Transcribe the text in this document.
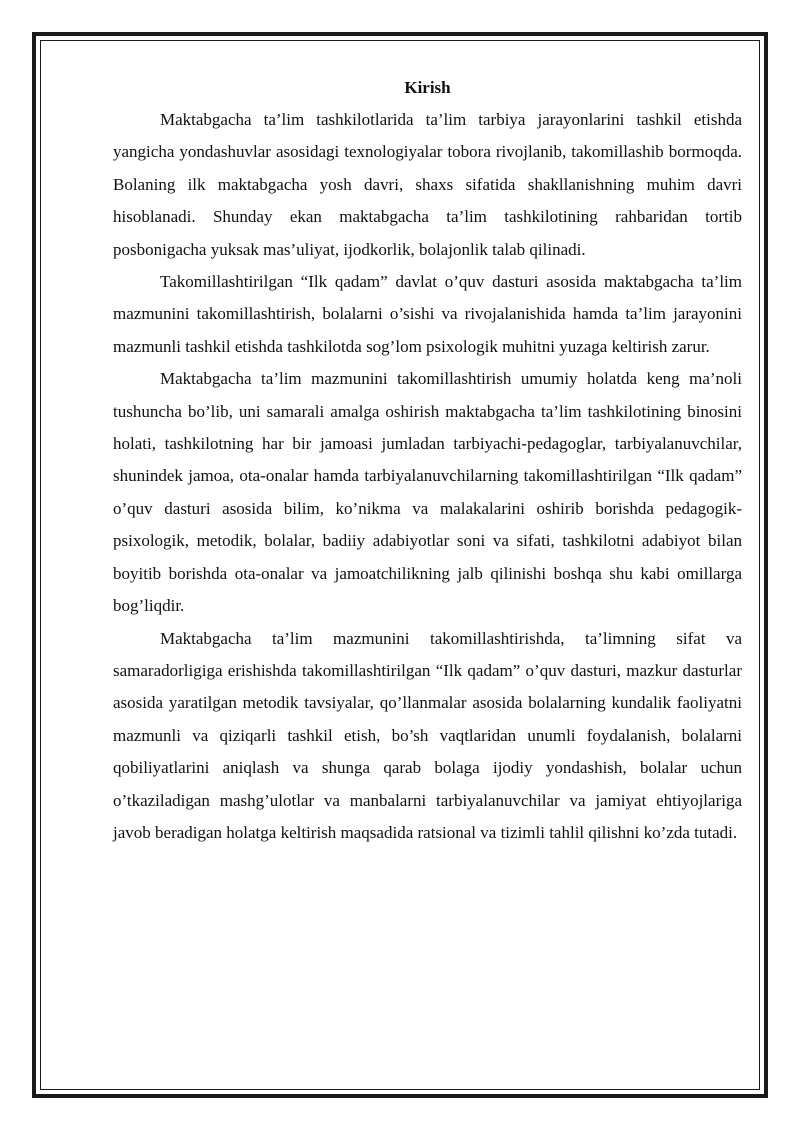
Kirish

Maktabgacha ta’lim tashkilotlarida ta’lim tarbiya jarayonlarini tashkil etishda yangicha yondashuvlar asosidagi texnologiyalar tobora rivojlanib, takomillashib bormoqda. Bolaning ilk maktabgacha yosh davri, shaxs sifatida shakllanishning muhim davri hisoblanadi. Shunday ekan maktabgacha ta’lim tashkilotining rahbaridan tortib posbonigacha yuksak mas’uliyat, ijodkorlik, bolajonlik talab qilinadi.

Takomillashtirilgan “Ilk qadam” davlat o’quv dasturi asosida maktabgacha ta’lim mazmunini takomillashtirish, bolalarni o’sishi va rivojalanishida hamda ta’lim jarayonini mazmunli tashkil etishda tashkilotda sog’lom psixologik muhitni yuzaga keltirish zarur.

Maktabgacha ta’lim mazmunini takomillashtirish umumiy holatda keng ma’noli tushuncha bo’lib, uni samarali amalga oshirish maktabgacha ta’lim tashkilotining binosini holati, tashkilotning har bir jamoasi jumladan tarbiyachi-pedagoglar, tarbiyalanuvchilar, shunindek jamoa, ota-onalar hamda tarbiyalanuvchilarning takomillashtirilgan “Ilk qadam” o’quv dasturi asosida bilim, ko’nikma va malakalarini oshirib borishda pedagogik-psixologik, metodik, bolalar, badiiy adabiyotlar soni va sifati, tashkilotni adabiyot bilan boyitib borishda ota-onalar va jamoatchilikning jalb qilinishi boshqa shu kabi omillarga bog’liqdir.

Maktabgacha ta’lim mazmunini takomillashtirishda, ta’limning sifat va samaradorligiga erishishda takomillashtirilgan “Ilk qadam” o’quv dasturi, mazkur dasturlar asosida yaratilgan metodik tavsiyalar, qo’llanmalar asosida bolalarning kundalik faoliyatni mazmunli va qiziqarli tashkil etish, bo’sh vaqtlaridan unumli foydalanish, bolalarni qobiliyatlarini aniqlash va shunga qarab bolaga ijodiy yondashish, bolalar uchun o’tkaziladigan mashg’ulotlar va manbalarni tarbiyalanuvchilar va jamiyat ehtiyojlariga javob beradigan holatga keltirish maqsadida ratsional va tizimli tahlil qilishni ko’zda tutadi.
